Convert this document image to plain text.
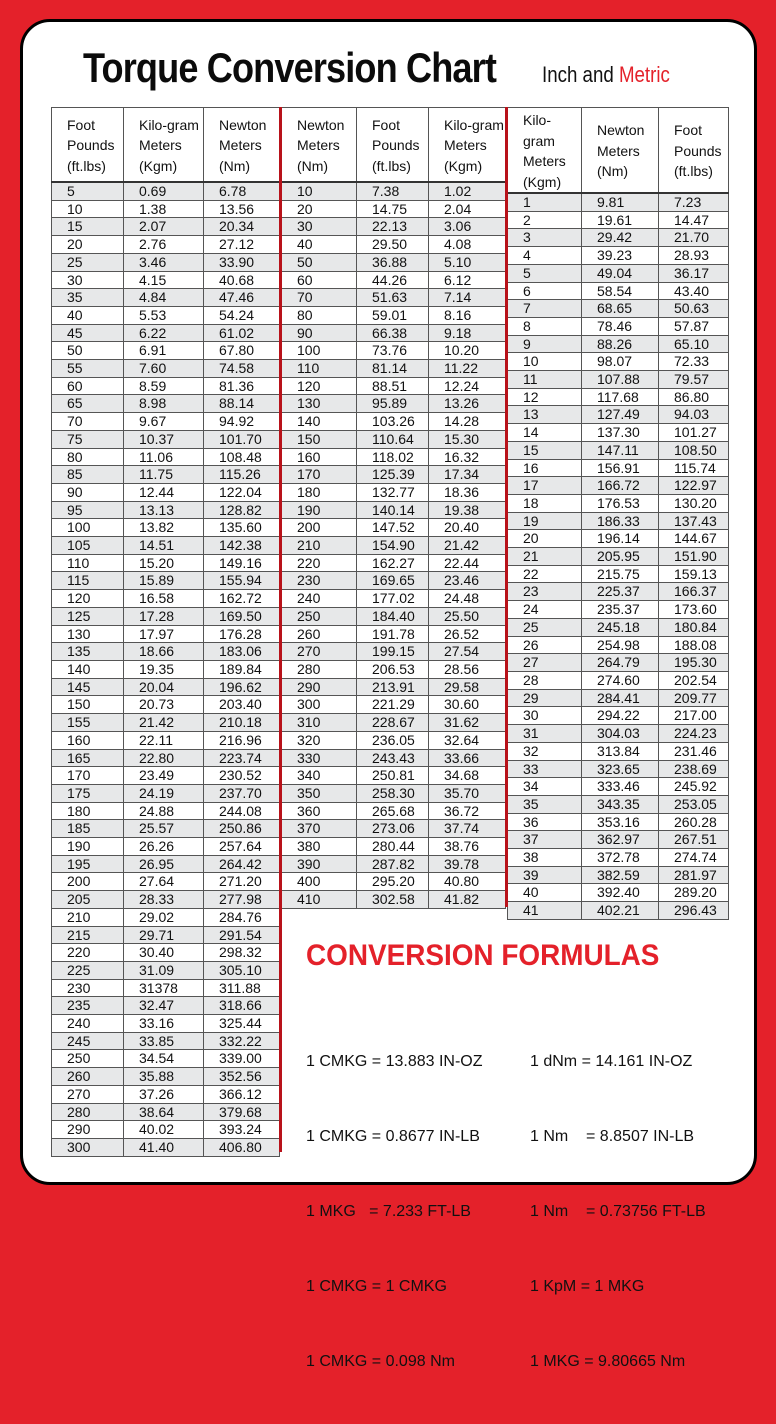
Torque Conversion Chart Inch and Metric
Foot
Pounds
(ft.lbs)	Kilo-gram
Meters
(Kgm)	Newton
Meters
(Nm)
5	0.69	6.78
10	1.38	13.56
15	2.07	20.34
20	2.76	27.12
25	3.46	33.90
30	4.15	40.68
35	4.84	47.46
40	5.53	54.24
45	6.22	61.02
50	6.91	67.80
55	7.60	74.58
60	8.59	81.36
65	8.98	88.14
70	9.67	94.92
75	10.37	101.70
80	11.06	108.48
85	11.75	115.26
90	12.44	122.04
95	13.13	128.82
100	13.82	135.60
105	14.51	142.38
110	15.20	149.16
115	15.89	155.94
120	16.58	162.72
125	17.28	169.50
130	17.97	176.28
135	18.66	183.06
140	19.35	189.84
145	20.04	196.62
150	20.73	203.40
155	21.42	210.18
160	22.11	216.96
165	22.80	223.74
170	23.49	230.52
175	24.19	237.70
180	24.88	244.08
185	25.57	250.86
190	26.26	257.64
195	26.95	264.42
200	27.64	271.20
205	28.33	277.98
210	29.02	284.76
215	29.71	291.54
220	30.40	298.32
225	31.09	305.10
230	31378	311.88
235	32.47	318.66
240	33.16	325.44
245	33.85	332.22
250	34.54	339.00
260	35.88	352.56
270	37.26	366.12
280	38.64	379.68
290	40.02	393.24
300	41.40	406.80
Newton
Meters
(Nm)	Foot
Pounds
(ft.lbs)	Kilo-gram
Meters
(Kgm)
10	7.38	1.02
20	14.75	2.04
30	22.13	3.06
40	29.50	4.08
50	36.88	5.10
60	44.26	6.12
70	51.63	7.14
80	59.01	8.16
90	66.38	9.18
100	73.76	10.20
110	81.14	11.22
120	88.51	12.24
130	95.89	13.26
140	103.26	14.28
150	110.64	15.30
160	118.02	16.32
170	125.39	17.34
180	132.77	18.36
190	140.14	19.38
200	147.52	20.40
210	154.90	21.42
220	162.27	22.44
230	169.65	23.46
240	177.02	24.48
250	184.40	25.50
260	191.78	26.52
270	199.15	27.54
280	206.53	28.56
290	213.91	29.58
300	221.29	30.60
310	228.67	31.62
320	236.05	32.64
330	243.43	33.66
340	250.81	34.68
350	258.30	35.70
360	265.68	36.72
370	273.06	37.74
380	280.44	38.76
390	287.82	39.78
400	295.20	40.80
410	302.58	41.82
Kilo-gram
Meters
(Kgm)	Newton
Meters
(Nm)	Foot
Pounds
(ft.lbs)
1	9.81	7.23
2	19.61	14.47
3	29.42	21.70
4	39.23	28.93
5	49.04	36.17
6	58.54	43.40
7	68.65	50.63
8	78.46	57.87
9	88.26	65.10
10	98.07	72.33
11	107.88	79.57
12	117.68	86.80
13	127.49	94.03
14	137.30	101.27
15	147.11	108.50
16	156.91	115.74
17	166.72	122.97
18	176.53	130.20
19	186.33	137.43
20	196.14	144.67
21	205.95	151.90
22	215.75	159.13
23	225.37	166.37
24	235.37	173.60
25	245.18	180.84
26	254.98	188.08
27	264.79	195.30
28	274.60	202.54
29	284.41	209.77
30	294.22	217.00
31	304.03	224.23
32	313.84	231.46
33	323.65	238.69
34	333.46	245.92
35	343.35	253.05
36	353.16	260.28
37	362.97	267.51
38	372.78	274.74
39	382.59	281.97
40	392.40	289.20
41	402.21	296.43
CONVERSION FORMULAS

1 CMKG = 13.883 IN-OZ

1 CMKG = 0.8677 IN-LB

1 MKG   = 7.233 FT-LB

1 CMKG = 1 CMKG

1 CMKG = 0.098 Nm

1 dNm = 14.161 IN-OZ

1 Nm    = 8.8507 IN-LB

1 Nm    = 0.73756 FT-LB

1 KpM = 1 MKG

1 MKG = 9.80665 Nm
